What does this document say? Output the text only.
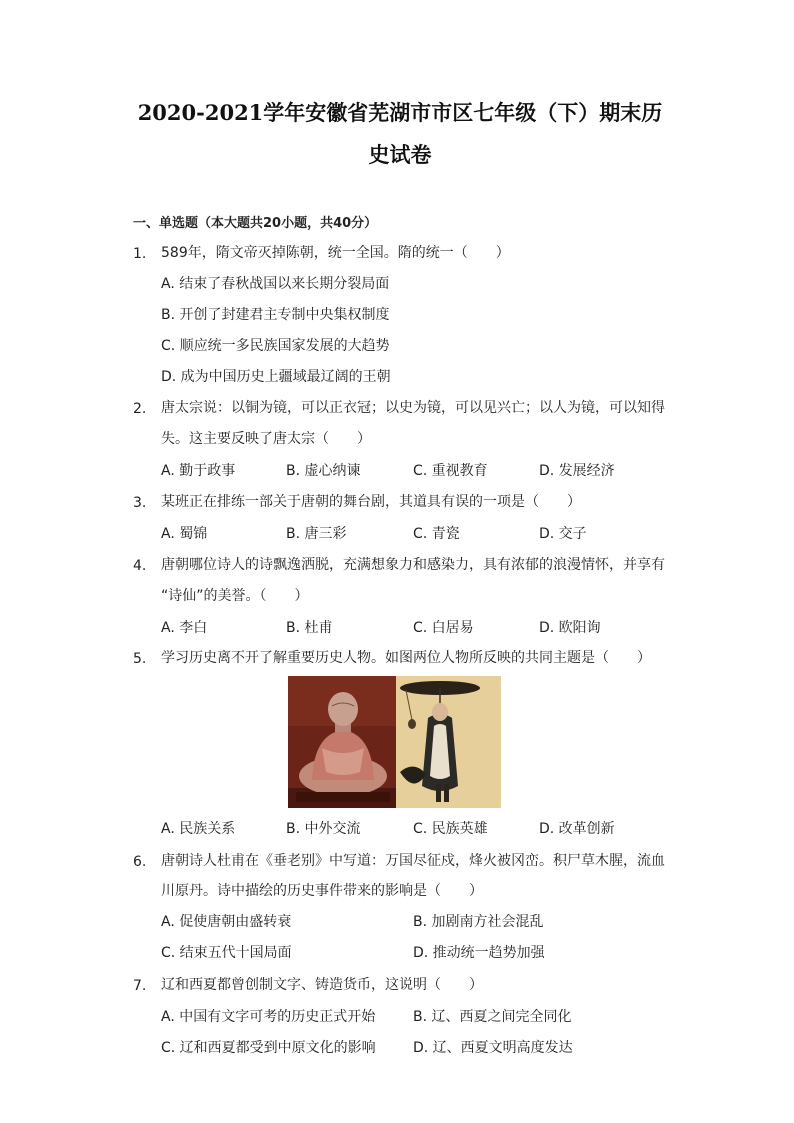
2020-2021学年安徽省芜湖市市区七年级（下）期末历
史试卷
一、单选题（本大题共20小题，共40分）
1. 589年，隋文帝灭掉陈朝，统一全国。隋的统一（　　）
A. 结束了春秋战国以来长期分裂局面
B. 开创了封建君主专制中央集权制度
C. 顺应统一多民族国家发展的大趋势
D. 成为中国历史上疆域最辽阔的王朝
2. 唐太宗说：以铜为镜，可以正衣冠；以史为镜，可以见兴亡；以人为镜，可以知得
失。这主要反映了唐太宗（　　）
A. 勤于政事	B. 虚心纳谏	C. 重视教育	D. 发展经济
3. 某班正在排练一部关于唐朝的舞台剧，其道具有误的一项是（　　）
A. 蜀锦	B. 唐三彩	C. 青瓷	D. 交子
4. 唐朝哪位诗人的诗飘逸洒脱，充满想象力和感染力，具有浓郁的浪漫情怀，并享有
“诗仙”的美誉。（　　）
A. 李白	B. 杜甫	C. 白居易	D. 欧阳询
5. 学习历史离不开了解重要历史人物。如图两位人物所反映的共同主题是（　　）
A. 民族关系	B. 中外交流	C. 民族英雄	D. 改革创新
6. 唐朝诗人杜甫在《垂老别》中写道：万国尽征戍，烽火被冈峦。积尸草木腥，流血
川原丹。诗中描绘的历史事件带来的影响是（　　）
A. 促使唐朝由盛转衰	B. 加剧南方社会混乱
C. 结束五代十国局面	D. 推动统一趋势加强
7. 辽和西夏都曾创制文字、铸造货币，这说明（　　）
A. 中国有文字可考的历史正式开始	B. 辽、西夏之间完全同化
C. 辽和西夏都受到中原文化的影响	D. 辽、西夏文明高度发达
